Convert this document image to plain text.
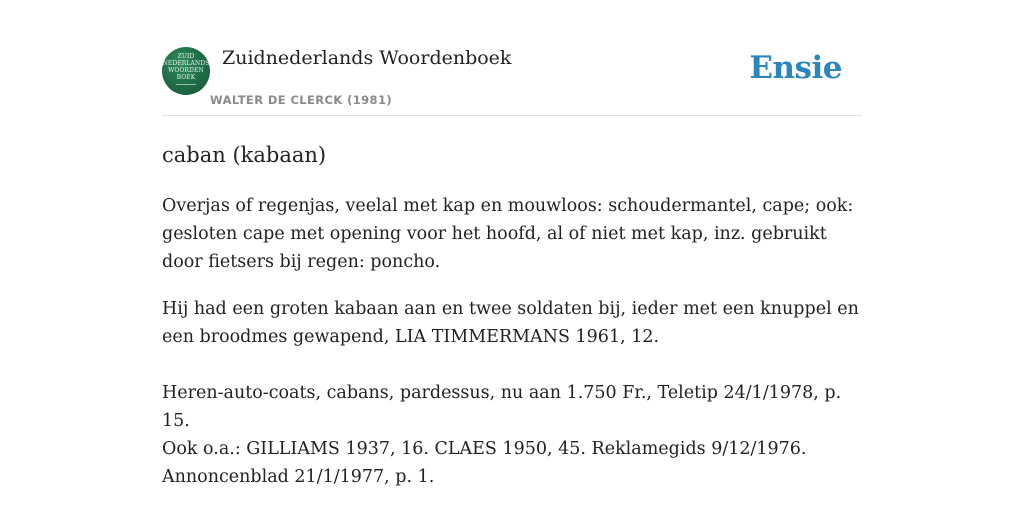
ZUID NEDERLANDS WOORDEN BOEK
Zuidnederlands Woordenboek
WALTER DE CLERCK (1981)
Ensie
caban (kabaan)

Overjas of regenjas, veelal met kap en mouwloos: schoudermantel, cape; ook: gesloten cape met opening voor het hoofd, al of niet met kap, inz. gebruikt door fietsers bij regen: poncho.

Hij had een groten kabaan aan en twee soldaten bij, ieder met een knuppel en een broodmes gewapend, LIA TIMMERMANS 1961, 12.

Heren-auto-coats, cabans, pardessus, nu aan 1.750 Fr., Teletip 24/1/1978, p. 15.

Ook o.a.: GILLIAMS 1937, 16. CLAES 1950, 45. Reklamegids 9/12/1976. Annoncenblad 21/1/1977, p. 1.
